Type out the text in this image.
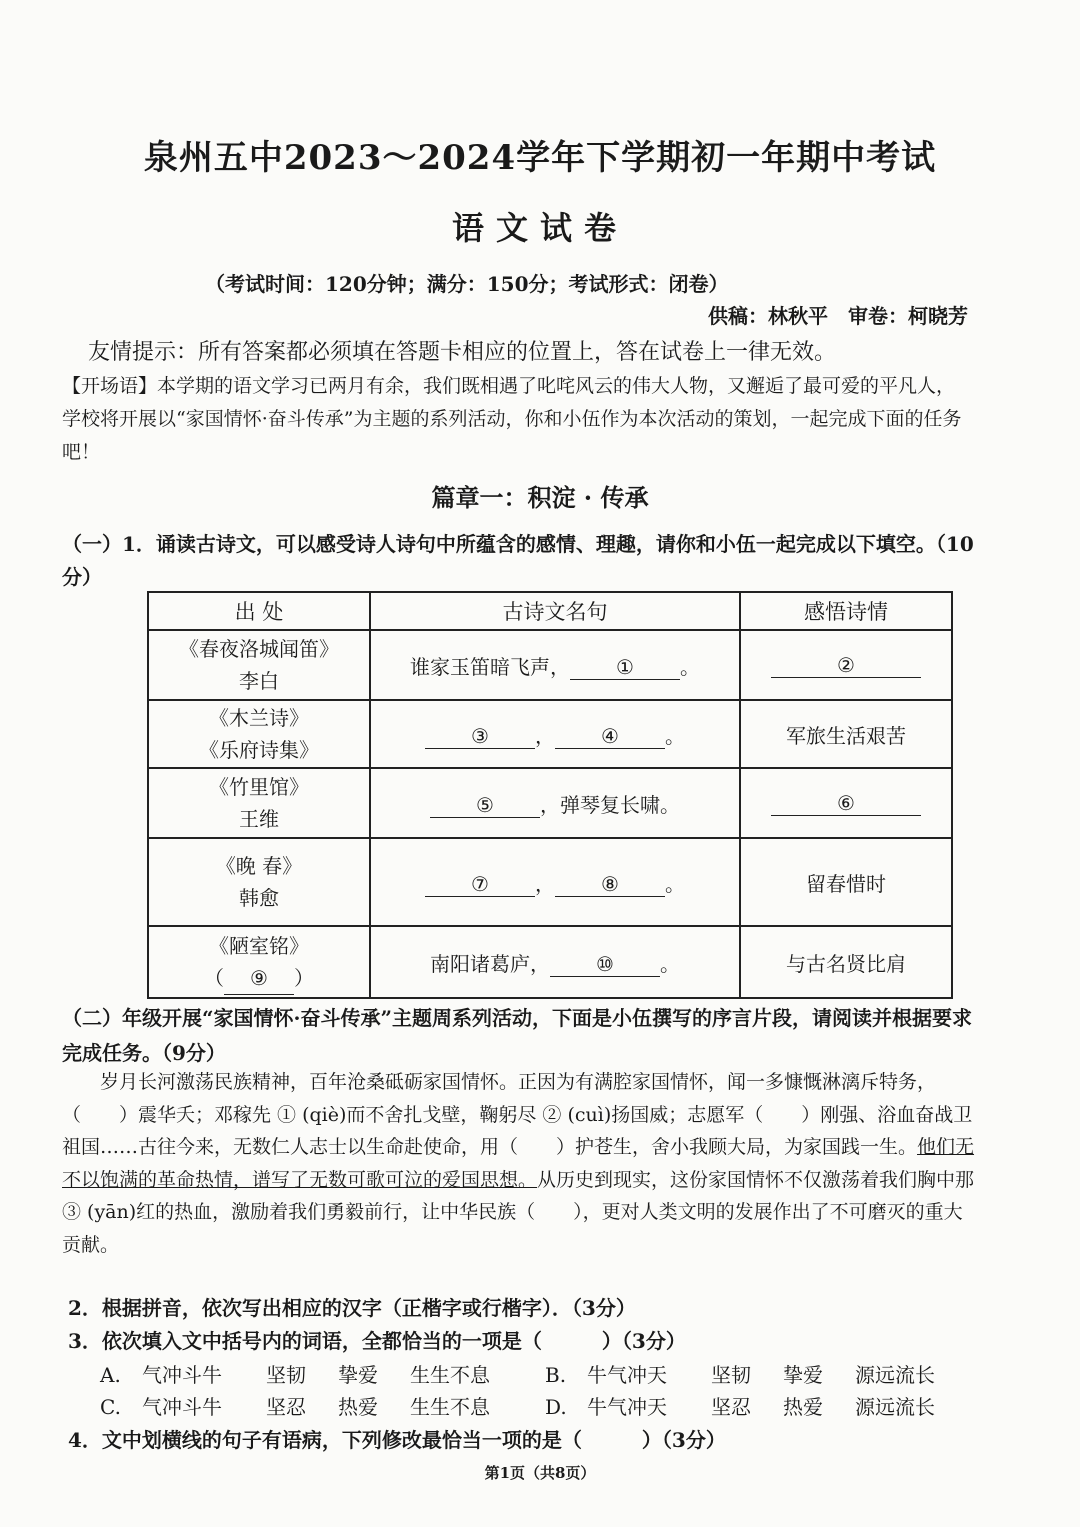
泉州五中2023～2024学年下学期初一年期中考试
语文试卷
（考试时间：120分钟；满分：150分；考试形式：闭卷）
供稿：林秋平　审卷：柯晓芳
友情提示：所有答案都必须填在答题卡相应的位置上，答在试卷上一律无效。

【开场语】本学期的语文学习已两月有余，我们既相遇了叱咤风云的伟大人物，又邂逅了最可爱的平凡人，学校将开展以“家国情怀·奋斗传承”为主题的系列活动，你和小伍作为本次活动的策划，一起完成下面的任务吧！

篇章一：积淀 · 传承
（一）1．诵读古诗文，可以感受诗人诗句中所蕴含的感情、理趣，请你和小伍一起完成以下填空。（10分）
出 处	古诗文名句	感悟诗情
《春夜洛城闻笛》
李白	谁家玉笛暗飞声， ① 。	②
《木兰诗》
《乐府诗集》	③ ， ④ 。	军旅生活艰苦
《竹里馆》
王维	⑤ ，弹琴复长啸。	⑥
《晚 春》
韩愈	⑦ ， ⑧ 。	留春惜时
《陋室铭》
（ ⑨ ）	南阳诸葛庐， ⑩ 。	与古名贤比肩
（二）年级开展“家国情怀·奋斗传承”主题周系列活动，下面是小伍撰写的序言片段，请阅读并根据要求完成任务。（9分）

岁月长河激荡民族精神，百年沧桑砥砺家国情怀。正因为有满腔家国情怀，闻一多慷慨淋漓斥特务，（　　）震华夭；邓稼先 ① (qiè)而不舍扎戈壁，鞠躬尽 ② (cuì)扬国威；志愿军（　　）刚强、浴血奋战卫祖国……古往今来，无数仁人志士以生命赴使命，用（　　）护苍生，舍小我顾大局，为家国践一生。他们无不以饱满的革命热情，谱写了无数可歌可泣的爱国思想。从历史到现实，这份家国情怀不仅激荡着我们胸中那 ③ (yān)红的热血，激励着我们勇毅前行，让中华民族（　　），更对人类文明的发展作出了不可磨灭的重大贡献。

2．根据拼音，依次写出相应的汉字（正楷字或行楷字）．（3分）
3．依次填入文中括号内的词语，全都恰当的一项是（　　　）（3分）
4．文中划横线的句子有语病，下列修改最恰当一项的是（　　　）（3分）
A. 气冲斗牛 坚韧 挚爱 生生不息	B. 牛气冲天 坚韧 挚爱 源远流长
C. 气冲斗牛 坚忍 热爱 生生不息	D. 牛气冲天 坚忍 热爱 源远流长
第1页（共8页）
